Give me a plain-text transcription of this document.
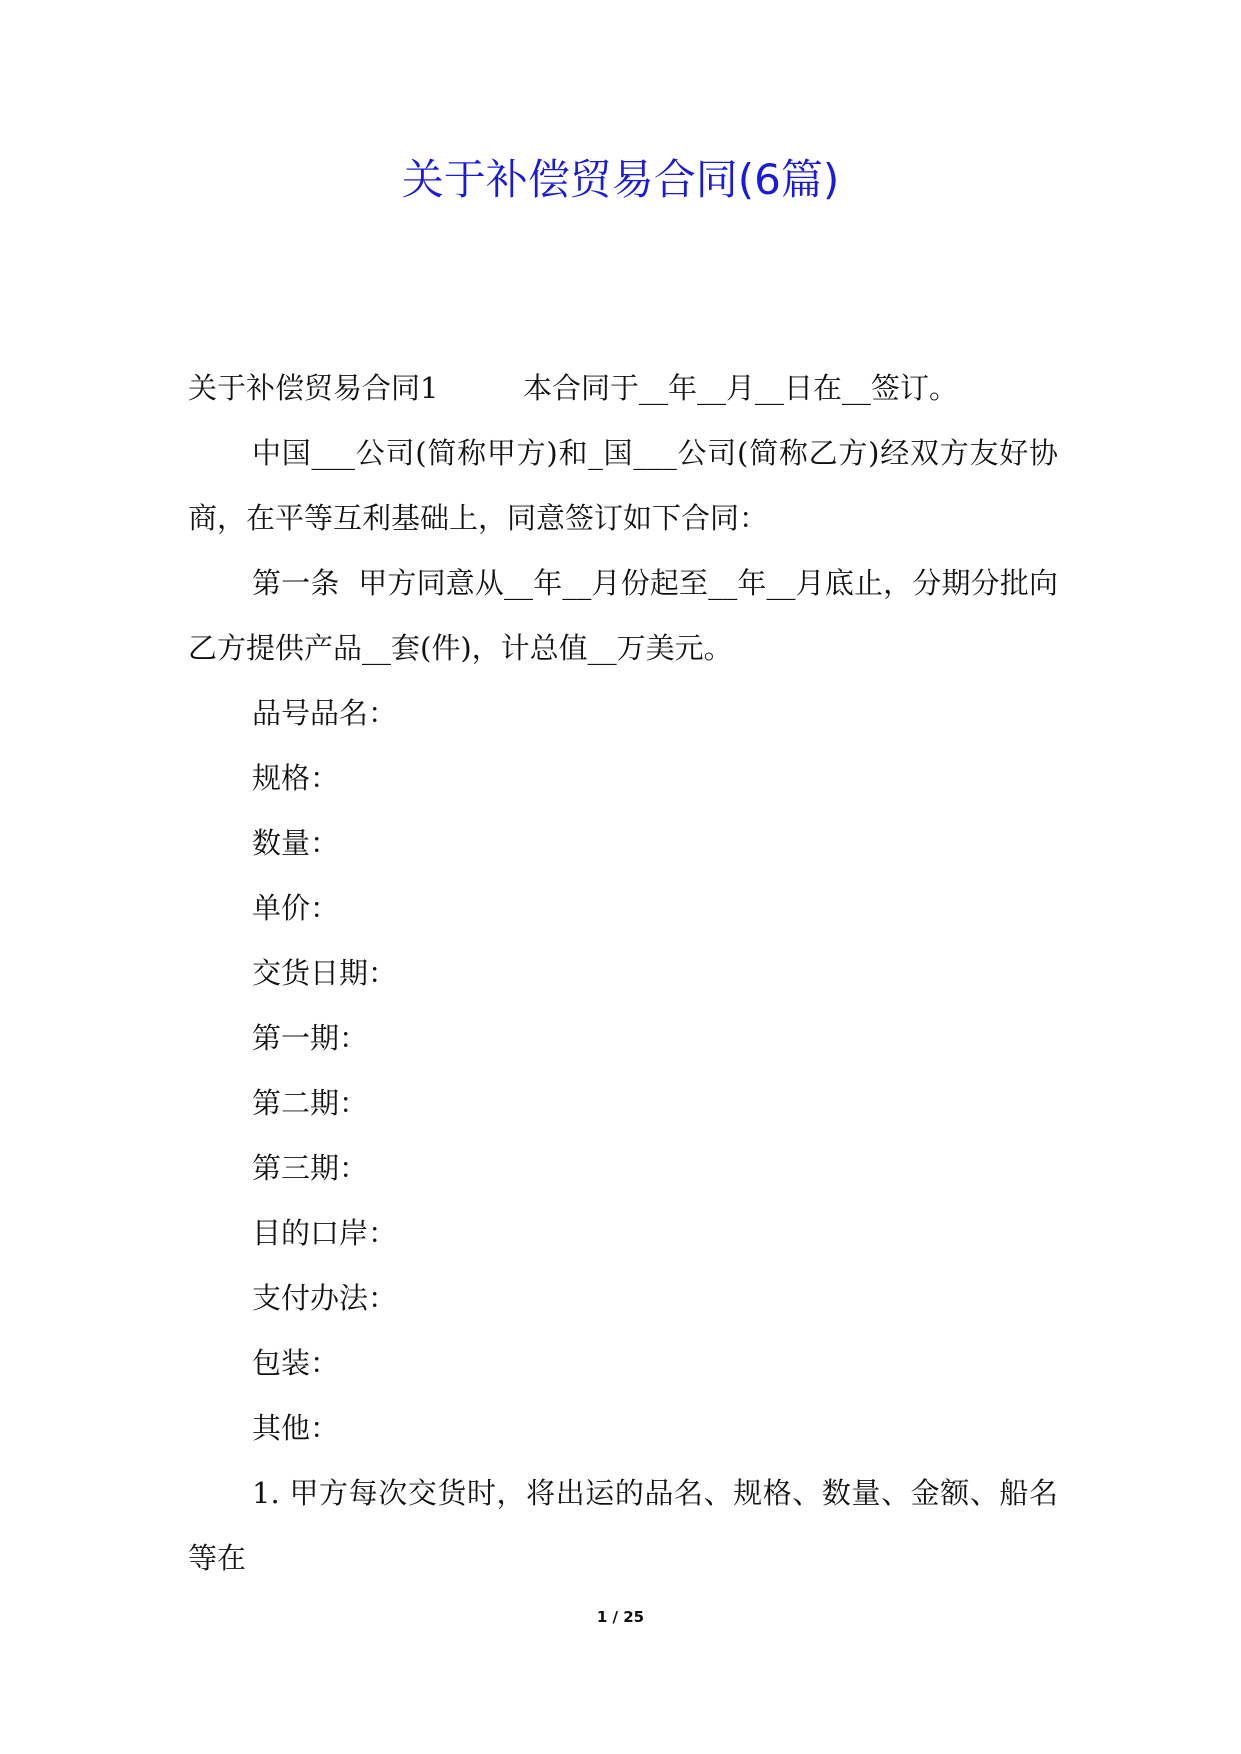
关于补偿贸易合同(6篇)
关于补偿贸易合同1	本合同于__年__月__日在__签订。

中国___公司(简称甲方)和_国___公司(简称乙方)经双方友好协商，在平等互利基础上，同意签订如下合同：

第一条  甲方同意从__年__月份起至__年__月底止，分期分批向乙方提供产品__套(件)，计总值__万美元。

品号品名：

规格：

数量：

单价：

交货日期：

第一期：

第二期：

第三期：

目的口岸：

支付办法：

包装：

其他：

1. 甲方每次交货时，将出运的品名、规格、数量、金额、船名等在

1 / 25
